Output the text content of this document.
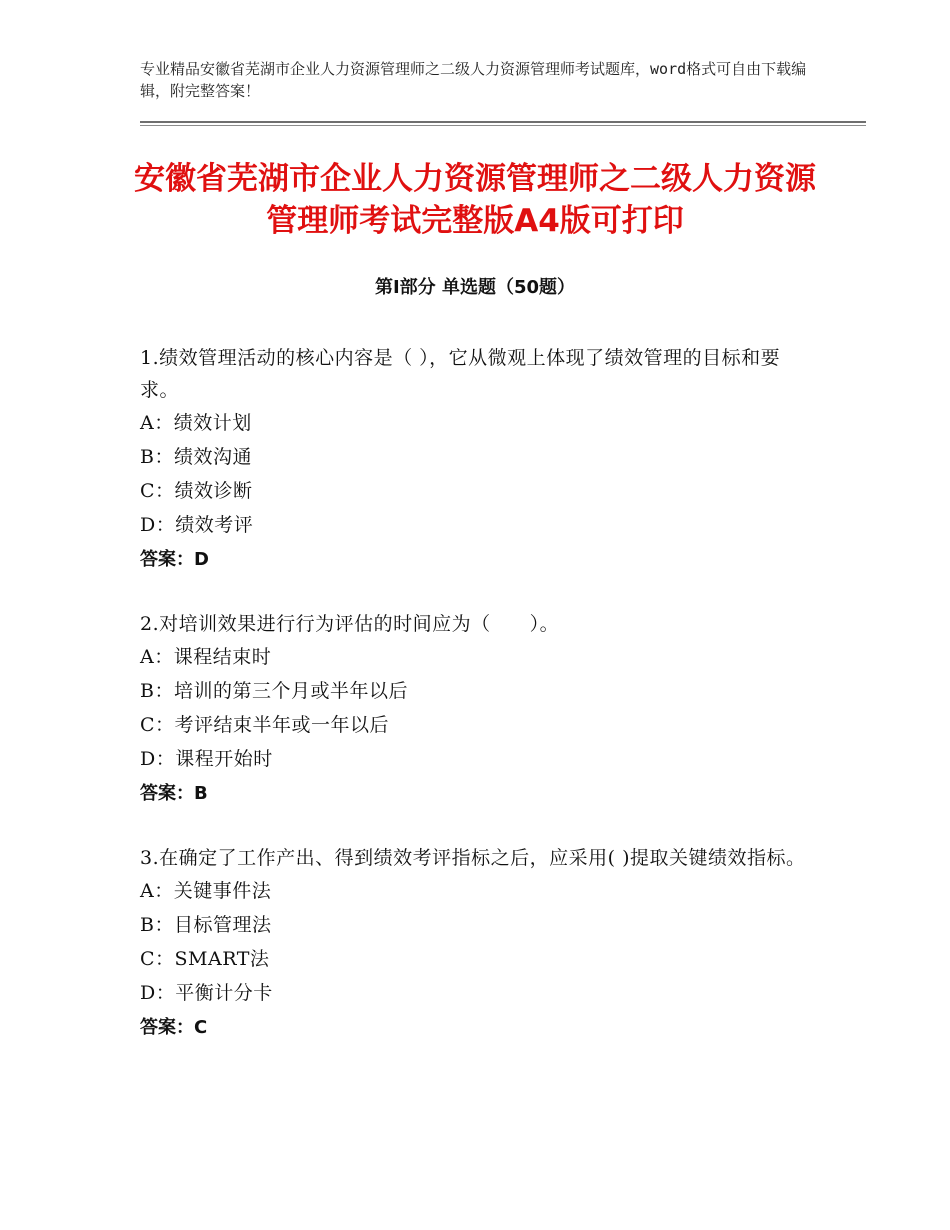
专业精品安徽省芜湖市企业人力资源管理师之二级人力资源管理师考试题库，word格式可自由下载编辑，附完整答案！
安徽省芜湖市企业人力资源管理师之二级人力资源管理师考试完整版A4版可打印
第Ⅰ部分 单选题（50题）

1.绩效管理活动的核心内容是（ ），它从微观上体现了绩效管理的目标和要求。

A：绩效计划

B：绩效沟通

C：绩效诊断

D：绩效考评

答案：D

2.对培训效果进行行为评估的时间应为（　　）。

A：课程结束时

B：培训的第三个月或半年以后

C：考评结束半年或一年以后

D：课程开始时

答案：B

3.在确定了工作产出、得到绩效考评指标之后，应采用( )提取关键绩效指标。

A：关键事件法

B：目标管理法

C：SMART法

D：平衡计分卡

答案：C
